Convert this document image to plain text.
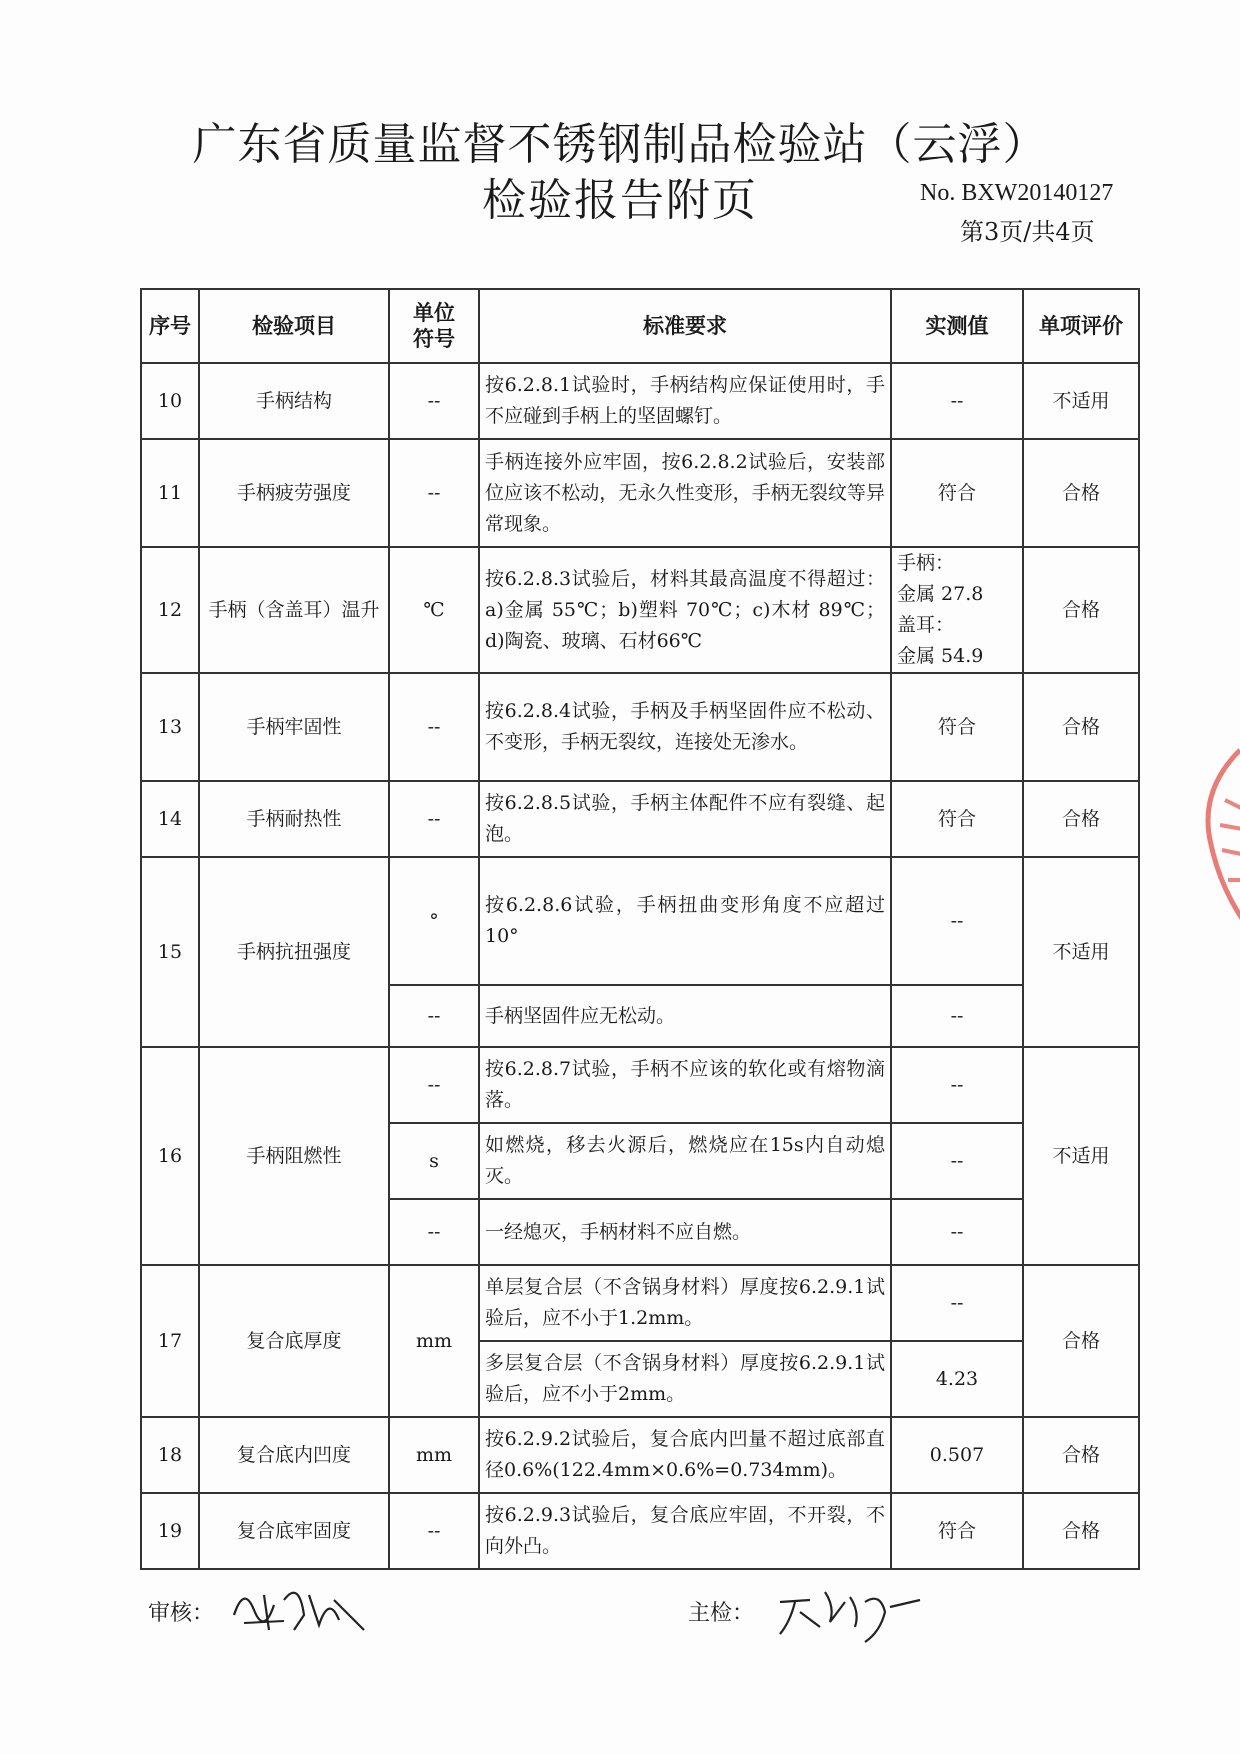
广东省质量监督不锈钢制品检验站（云浮）
检验报告附页	No. BXW20140127
第3页/共4页
序号	检验项目	单位符号	标准要求	实测值	单项评价
10	手柄结构	--	按6.2.8.1试验时，手柄结构应保证使用时，手不应碰到手柄上的坚固螺钉。	--	不适用
11	手柄疲劳强度	--	手柄连接外应牢固，按6.2.8.2试验后，安装部位应该不松动，无永久性变形，手柄无裂纹等异常现象。	符合	合格
12	手柄（含盖耳）温升	℃	按6.2.8.3试验后，材料其最高温度不得超过：a)金属 55℃；b)塑料 70℃；c)木材 89℃；d)陶瓷、玻璃、石材66℃	手柄：
金属 27.8
盖耳：
金属 54.9	合格
13	手柄牢固性	--	按6.2.8.4试验，手柄及手柄坚固件应不松动、不变形，手柄无裂纹，连接处无渗水。	符合	合格
14	手柄耐热性	--	按6.2.8.5试验，手柄主体配件不应有裂缝、起泡。	符合	合格
15	手柄抗扭强度	°	按6.2.8.6试验，手柄扭曲变形角度不应超过10°	--	不适用
		--	手柄坚固件应无松动。	--	
16	手柄阻燃性	--	按6.2.8.7试验，手柄不应该的软化或有熔物滴落。	--	不适用
		s	如燃烧，移去火源后，燃烧应在15s内自动熄灭。	--	
		--	一经熄灭，手柄材料不应自燃。	--	
17	复合底厚度	mm	单层复合层（不含锅身材料）厚度按6.2.9.1试验后，应不小于1.2mm。	--	合格
			多层复合层（不含锅身材料）厚度按6.2.9.1试验后，应不小于2mm。	4.23	
18	复合底内凹度	mm	按6.2.9.2试验后，复合底内凹量不超过底部直径0.6%(122.4mm×0.6%=0.734mm)。	0.507	合格
19	复合底牢固度	--	按6.2.9.3试验后，复合底应牢固，不开裂，不向外凸。	符合	合格
审核：	主检：
